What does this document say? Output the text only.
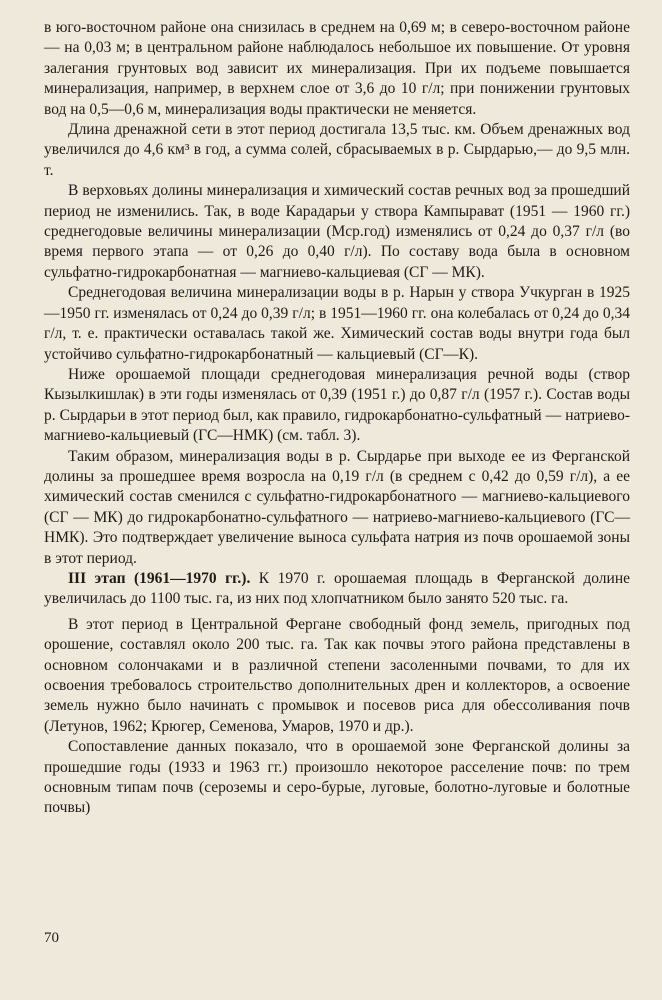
в юго-восточном районе она снизилась в среднем на 0,69 м; в северо-восточном районе — на 0,03 м; в центральном районе наблюдалось небольшое их повышение. От уровня залегания грунтовых вод зависит их минерализация. При их подъеме повышается минерализация, например, в верхнем слое от 3,6 до 10 г/л; при понижении грунтовых вод на 0,5—0,6 м, минерализация воды практически не меняется.

Длина дренажной сети в этот период достигала 13,5 тыс. км. Объем дренажных вод увеличился до 4,6 км³ в год, а сумма солей, сбрасываемых в р. Сырдарью,— до 9,5 млн. т.

В верховьях долины минерализация и химический состав речных вод за прошедший период не изменились. Так, в воде Карадарьи у створа Кампырават (1951 — 1960 гг.) среднегодовые величины минерализации (Mср.год) изменялись от 0,24 до 0,37 г/л (во время первого этапа — от 0,26 до 0,40 г/л). По составу вода была в основном сульфатно-гидрокарбонатная — магниево-кальциевая (СГ — МК).

Среднегодовая величина минерализации воды в р. Нарын у створа Учкурган в 1925—1950 гг. изменялась от 0,24 до 0,39 г/л; в 1951—1960 гг. она колебалась от 0,24 до 0,34 г/л, т. е. практически оставалась такой же. Химический состав воды внутри года был устойчиво сульфатно-гидрокарбонатный — кальциевый (СГ—К).

Ниже орошаемой площади среднегодовая минерализация речной воды (створ Кызылкишлак) в эти годы изменялась от 0,39 (1951 г.) до 0,87 г/л (1957 г.). Состав воды р. Сырдарьи в этот период был, как правило, гидрокарбонатно-сульфатный — натриево-магниево-кальциевый (ГС—НМК) (см. табл. 3).

Таким образом, минерализация воды в р. Сырдарье при выходе ее из Ферганской долины за прошедшее время возросла на 0,19 г/л (в среднем с 0,42 до 0,59 г/л), а ее химический состав сменился с сульфатно-гидрокарбонатного — магниево-кальциевого (СГ — МК) до гидрокарбонатно-сульфатного — натриево-магниево-кальциевого (ГС—НМК). Это подтверждает увеличение выноса сульфата натрия из почв орошаемой зоны в этот период.

III этап (1961—1970 гг.). К 1970 г. орошаемая площадь в Ферганской долине увеличилась до 1100 тыс. га, из них под хлопчатником было занято 520 тыс. га.

В этот период в Центральной Фергане свободный фонд земель, пригодных под орошение, составлял около 200 тыс. га. Так как почвы этого района представлены в основном солончаками и в различной степени засоленными почвами, то для их освоения требовалось строительство дополнительных дрен и коллекторов, а освоение земель нужно было начинать с промывок и посевов риса для обессоливания почв (Летунов, 1962; Крюгер, Семенова, Умаров, 1970 и др.).

Сопоставление данных показало, что в орошаемой зоне Ферганской долины за прошедшие годы (1933 и 1963 гг.) произошло некоторое расселение почв: по трем основным типам почв (сероземы и серо-бурые, луговые, болотно-луговые и болотные почвы)

70
